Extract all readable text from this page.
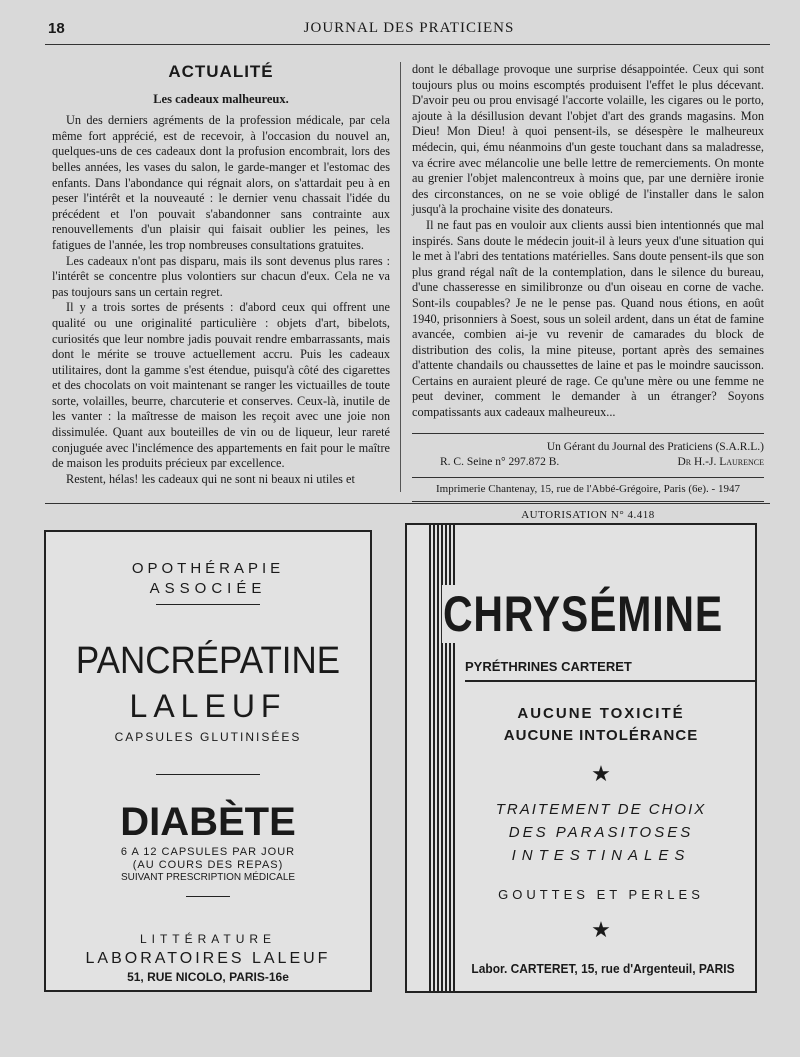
18	JOURNAL DES PRATICIENS
ACTUALITÉ
Les cadeaux malheureux.

Un des derniers agréments de la profession médicale, par cela même fort apprécié, est de recevoir, à l'occasion du nouvel an, quelques-uns de ces cadeaux dont la profusion encombrait, lors des belles années, les vases du salon, le garde-manger et l'estomac des enfants. Dans l'abondance qui régnait alors, on s'attardait peu à en peser l'intérêt et la nouveauté : le dernier venu chassait l'idée du précédent et l'on pouvait s'abandonner sans contrainte aux renouvellements d'un plaisir qui faisait oublier les peines, les fatigues de l'année, les trop nombreuses consultations gratuites.

Les cadeaux n'ont pas disparu, mais ils sont devenus plus rares : l'intérêt se concentre plus volontiers sur chacun d'eux. Cela ne va pas toujours sans un certain regret.

Il y a trois sortes de présents : d'abord ceux qui offrent une qualité ou une originalité particulière : objets d'art, bibelots, curiosités que leur nombre jadis pouvait rendre embarrassants, mais dont le mérite se trouve actuellement accru. Puis les cadeaux utilitaires, dont la gamme s'est étendue, puisqu'à côté des cigarettes et des chocolats on voit maintenant se ranger les victuailles de toute sorte, volailles, beurre, charcuterie et conserves. Ceux-là, inutile de les vanter : la maîtresse de maison les reçoit avec une joie non dissimulée. Quant aux bouteilles de vin ou de liqueur, leur rareté conjuguée avec l'inclémence des appartements en fait pour le maître de maison les produits précieux par excellence.

Restent, hélas! les cadeaux qui ne sont ni beaux ni utiles et

dont le déballage provoque une surprise désappointée. Ceux qui sont toujours plus ou moins escomptés produisent l'effet le plus décevant. D'avoir peu ou prou envisagé l'accorte volaille, les cigares ou le porto, ajoute à la désillusion devant l'objet d'art des grands magasins. Mon Dieu! Mon Dieu! à quoi pensent-ils, se désespère le malheureux médecin, qui, ému néanmoins d'un geste touchant dans sa maladresse, va écrire avec mélancolie une belle lettre de remerciements. On monte au grenier l'objet malencontreux à moins que, par une dernière ironie des circonstances, on ne se voie obligé de l'installer dans le salon jusqu'à la prochaine visite des donateurs.

Il ne faut pas en vouloir aux clients aussi bien intentionnés que mal inspirés. Sans doute le médecin jouit-il à leurs yeux d'une situation qui le met à l'abri des tentations matérielles. Sans doute pensent-ils que son plus grand régal naît de la contemplation, dans le silence du bureau, d'une chasseresse en similibronze ou d'un oiseau en corne de vache. Sont-ils coupables? Je ne le pense pas. Quand nous étions, en août 1940, prisonniers à Soest, sous un soleil ardent, dans un état de famine avancée, combien ai-je vu revenir de camarades du block de distribution des colis, la mine piteuse, portant après des semaines d'attente chandails ou chaussettes de laine et pas le moindre saucisson. Certains en auraient pleuré de rage. Ce qu'une mère ou une femme ne peut deviner, comment le demander à un étranger? Soyons compatissants aux cadeaux malheureux...

Un Gérant du Journal des Praticiens (S.A.R.L.)
R. C. Seine n° 297.872 B.	Dr H.-J. Laurence
Imprimerie Chantenay, 15, rue de l'Abbé-Grégoire, Paris (6e). - 1947
AUTORISATION N° 4.418
OPOTHÉRAPIE
ASSOCIÉE
PANCRÉPATINE
LALEUF
CAPSULES GLUTINISÉES
DIABÈTE
6 A 12 CAPSULES PAR JOUR
(AU COURS DES REPAS)
SUIVANT PRESCRIPTION MÉDICALE
LITTÉRATURE
LABORATOIRES LALEUF
51, RUE NICOLO, PARIS-16e
CHRYSÉMINE
PYRÉTHRINES CARTERET
AUCUNE TOXICITÉ
AUCUNE INTOLÉRANCE
★
TRAITEMENT DE CHOIX
DES PARASITOSES
INTESTINALES
GOUTTES ET PERLES
★
Labor. CARTERET, 15, rue d'Argenteuil, PARIS
